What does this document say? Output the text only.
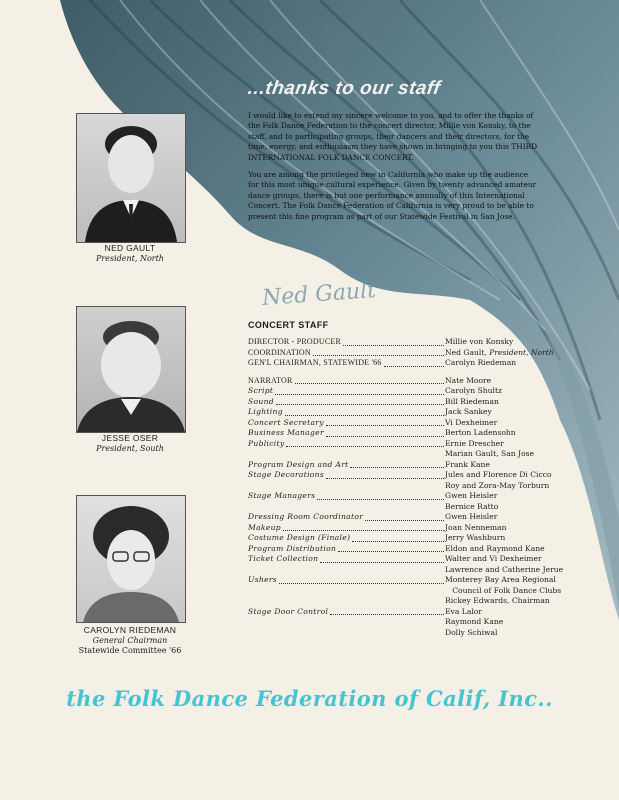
NED GAULT
President, North
JESSE OSER
President, South
CAROLYN RIEDEMAN
General Chairman
Statewide Committee '66
...thanks to our staff

I would like to extend my sincere welcome to you, and to offer the thanks of the Folk Dance Federation to the concert director, Millie von Konsky, to the staff, and to participating groups, their dancers and their directors, for the time, energy, and enthusiasm they have shown in bringing to you this THIRD INTERNATIONAL FOLK DANCE CONCERT.

You are among the privileged new in California who make up the audience for this most unique cultural experience. Given by twenty advanced amateur dance groups, there is but one performance annually of this International Concert. The Folk Dance Federation of California is very proud to be able to present this fine program as part of our Statewide Festival in San Jose.

Ned Gault
CONCERT STAFF
DIRECTOR - PRODUCER	Millie von Konsky
COORDINATION	Ned Gault, President, North
GEN'L CHAIRMAN, STATEWIDE '66	Carolyn Riedeman
NARRATOR	Nate Moore
Script	Carolyn Shultz
Sound	Bill Riedeman
Lighting	Jack Sankey
Concert Secretary	Vi Dexheimer
Business Manager	Berton Ladensohn
Publicity	Ernie Drescher
Marian Gault, San Jose
Program Design and Art	Frank Kane
Stage Decorations	Jules and Florence Di Cicco
Roy and Zora-May Torburn
Stage Managers	Gwen Heisler
Bernice Ratto
Dressing Room Coordinator	Gwen Heisler
Makeup	Joan Nenneman
Costume Design (Finale)	Jerry Washburn
Program Distribution	Eldon and Raymond Kane
Ticket Collection	Walter and Vi Dexheimer
Lawrence and Catherine Jerue
Ushers	Monterey Bay Area Regional
Council of Folk Dance Clubs
Rickey Edwards, Chairman
Stage Door Control	Eva Lalor
Raymond Kane
Dolly Schiwal
the Folk Dance Federation of Calif, Inc..
